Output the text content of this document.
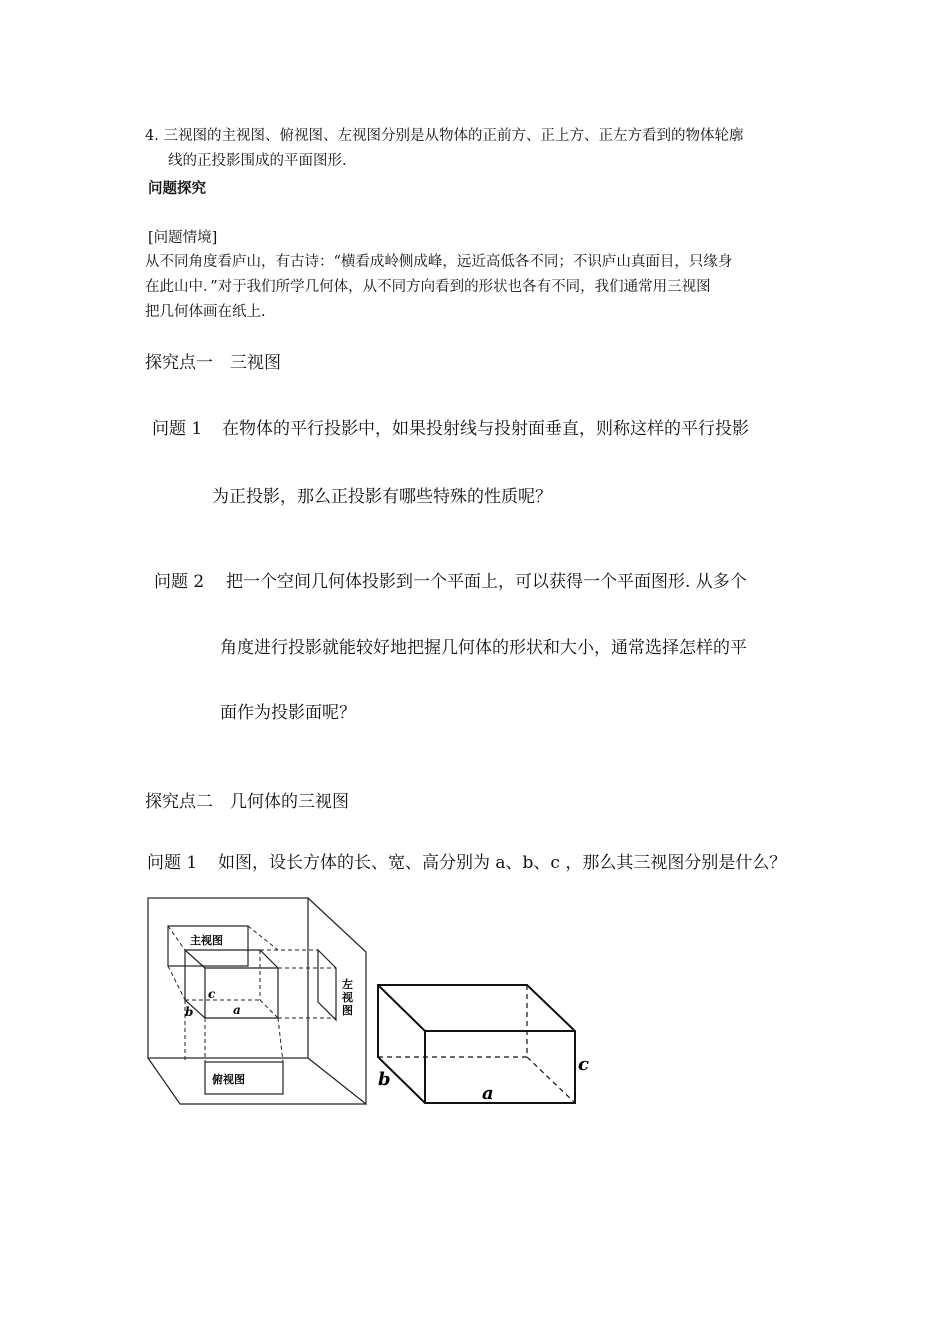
4. 三视图的主视图、俯视图、左视图分别是从物体的正前方、正上方、正左方看到的物体轮廓
线的正投影围成的平面图形.
问题探究
[问题情境]
从不同角度看庐山，有古诗：“横看成岭侧成峰，远近高低各不同；不识庐山真面目，只缘身
在此山中．”对于我们所学几何体，从不同方向看到的形状也各有不同，我们通常用三视图
把几何体画在纸上.
探究点一　三视图
问题 1 在物体的平行投影中，如果投射线与投射面垂直，则称这样的平行投影
为正投影，那么正投影有哪些特殊的性质呢？
问题 2 把一个空间几何体投影到一个平面上，可以获得一个平面图形. 从多个
角度进行投影就能较好地把握几何体的形状和大小，通常选择怎样的平
面作为投影面呢？
探究点二　几何体的三视图
问题 1 如图，设长方体的长、宽、高分别为 a、b、c ，那么其三视图分别是什么？
主视图
俯视图
左
视
图
c
a
b
a
b
c
